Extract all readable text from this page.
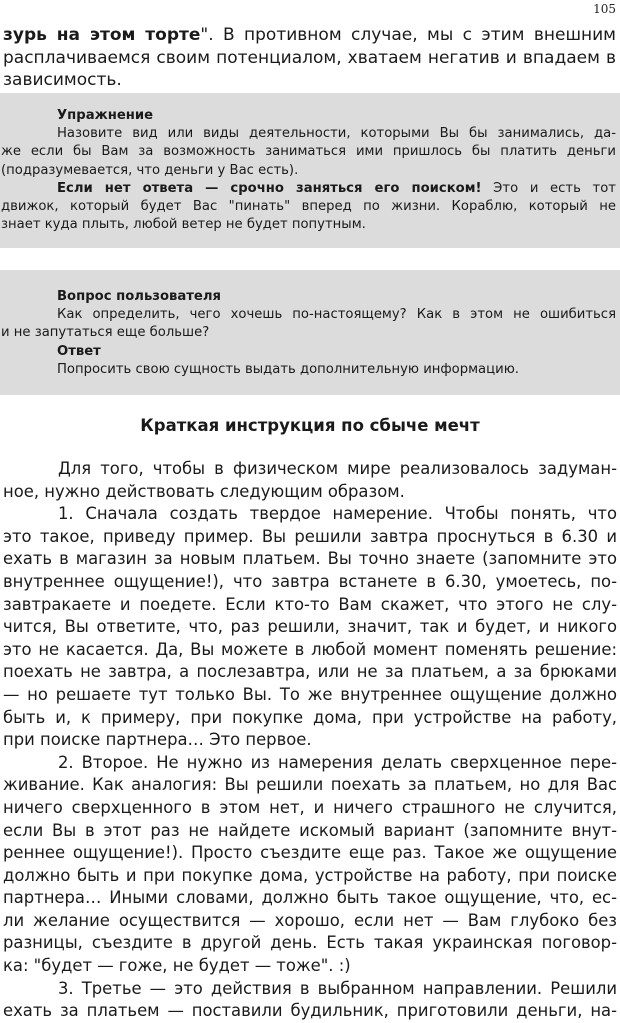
105
зурь на этом торте". В противном случае, мы с этим внешним
расплачиваемся своим потенциалом, хватаем негатив и впадаем в
зависимость.
Упражнение
Назовите вид или виды деятельности, которыми Вы бы занимались, да-
же если бы Вам за возможность заниматься ими пришлось бы платить деньги
(подразумевается, что деньги у Вас есть).
Если нет ответа — срочно заняться его поиском! Это и есть тот
движок, который будет Вас "пинать" вперед по жизни. Кораблю, который не
знает куда плыть, любой ветер не будет попутным.
Вопрос пользователя
Как определить, чего хочешь по-настоящему? Как в этом не ошибиться
и не запутаться еще больше?
Ответ
Попросить свою сущность выдать дополнительную информацию.
Краткая инструкция по сбыче мечт
Для того, чтобы в физическом мире реализовалось задуман-
ное, нужно действовать следующим образом.
1. Сначала создать твердое намерение. Чтобы понять, что
это такое, приведу пример. Вы решили завтра проснуться в 6.30 и
ехать в магазин за новым платьем. Вы точно знаете (запомните это
внутреннее ощущение!), что завтра встанете в 6.30, умоетесь, по-
завтракаете и поедете. Если кто-то Вам скажет, что этого не слу-
чится, Вы ответите, что, раз решили, значит, так и будет, и никого
это не касается. Да, Вы можете в любой момент поменять решение:
поехать не завтра, а послезавтра, или не за платьем, а за брюками
— но решаете тут только Вы. То же внутреннее ощущение должно
быть и, к примеру, при покупке дома, при устройстве на работу,
при поиске партнера… Это первое.
2. Второе. Не нужно из намерения делать сверхценное пере-
живание. Как аналогия: Вы решили поехать за платьем, но для Вас
ничего сверхценного в этом нет, и ничего страшного не случится,
если Вы в этот раз не найдете искомый вариант (запомните внут-
реннее ощущение!). Просто съездите еще раз. Такое же ощущение
должно быть и при покупке дома, устройстве на работу, при поиске
партнера… Иными словами, должно быть такое ощущение, что, ес-
ли желание осуществится — хорошо, если нет — Вам глубоко без
разницы, съездите в другой день. Есть такая украинская поговор-
ка: "будет — гоже, не будет — тоже". :)
3. Третье — это действия в выбранном направлении. Решили
ехать за платьем — поставили будильник, приготовили деньги, на-
